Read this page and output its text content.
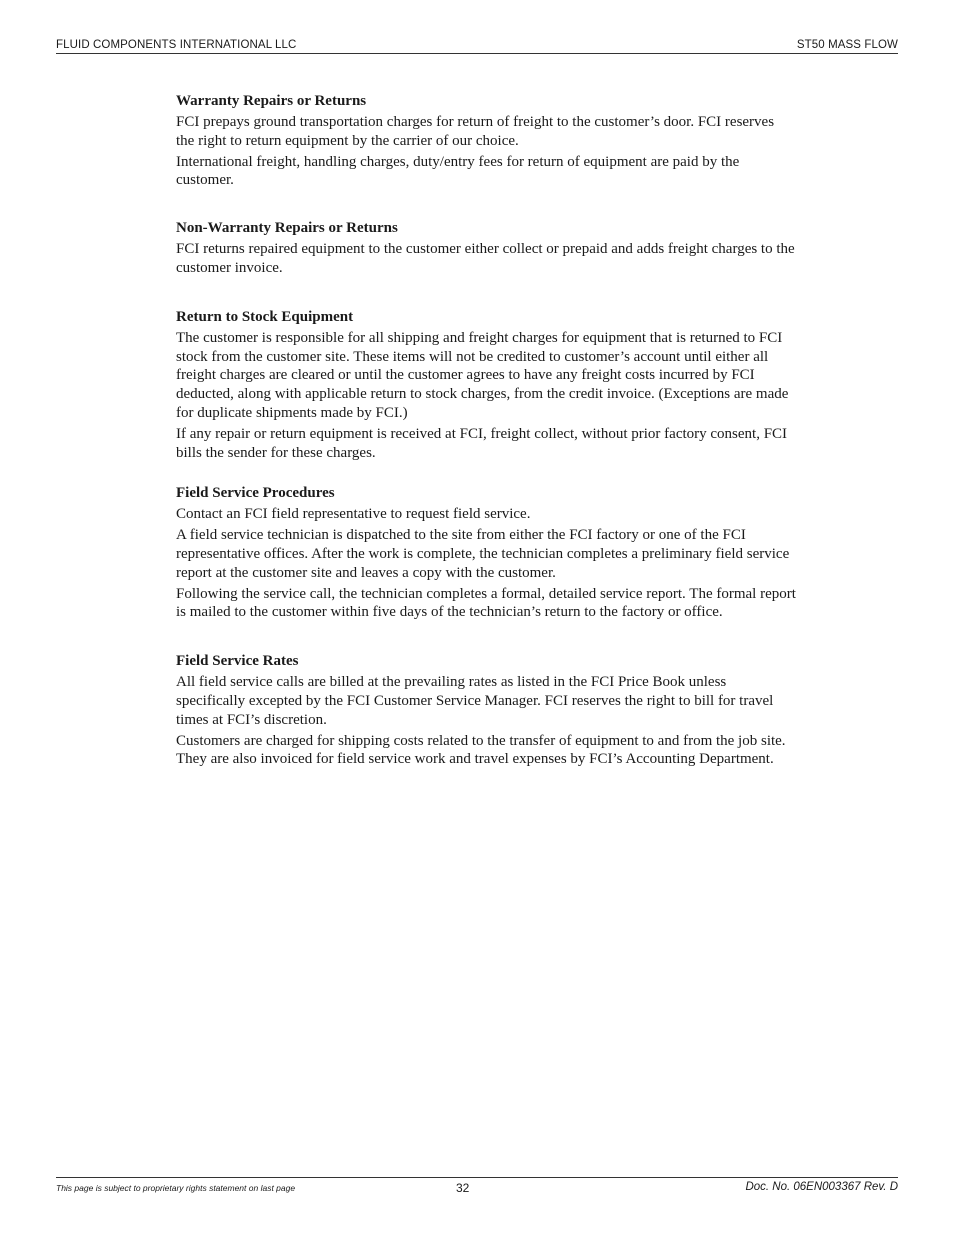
FLUID COMPONENTS INTERNATIONAL LLC	ST50 MASS FLOW
Warranty Repairs or Returns

FCI prepays ground transportation charges for return of freight to the customer’s door. FCI reserves the right to return equipment by the carrier of our choice.

International freight, handling charges, duty/entry fees for return of equipment are paid by the customer.

Non-Warranty Repairs or Returns

FCI returns repaired equipment to the customer either collect or prepaid and adds freight charges to the customer invoice.

Return to Stock Equipment

The customer is responsible for all shipping and freight charges for equipment that is returned to FCI stock from the customer site. These items will not be credited to customer’s account until either all freight charges are cleared or until the customer agrees to have any freight costs incurred by FCI deducted, along with applicable return to stock charges, from the credit invoice. (Exceptions are made for duplicate shipments made by FCI.)

If any repair or return equipment is received at FCI, freight collect, without prior factory consent, FCI bills the sender for these charges.

Field Service Procedures

Contact an FCI field representative to request field service.

A field service technician is dispatched to the site from either the FCI factory or one of the FCI representative offices. After the work is complete, the technician completes a preliminary field service report at the customer site and leaves a copy with the customer.

Following the service call, the technician completes a formal, detailed service report. The formal report is mailed to the customer within five days of the technician’s return to the factory or office.

Field Service Rates

All field service calls are billed at the prevailing rates as listed in the FCI Price Book unless specifically excepted by the FCI Customer Service Manager. FCI reserves the right to bill for travel times at FCI’s discretion.

Customers are charged for shipping costs related to the transfer of equipment to and from the job site. They are also invoiced for field service work and travel expenses by FCI’s Accounting Department.

This page is subject to proprietary rights statement on last page	32	Doc. No. 06EN003367 Rev. D
